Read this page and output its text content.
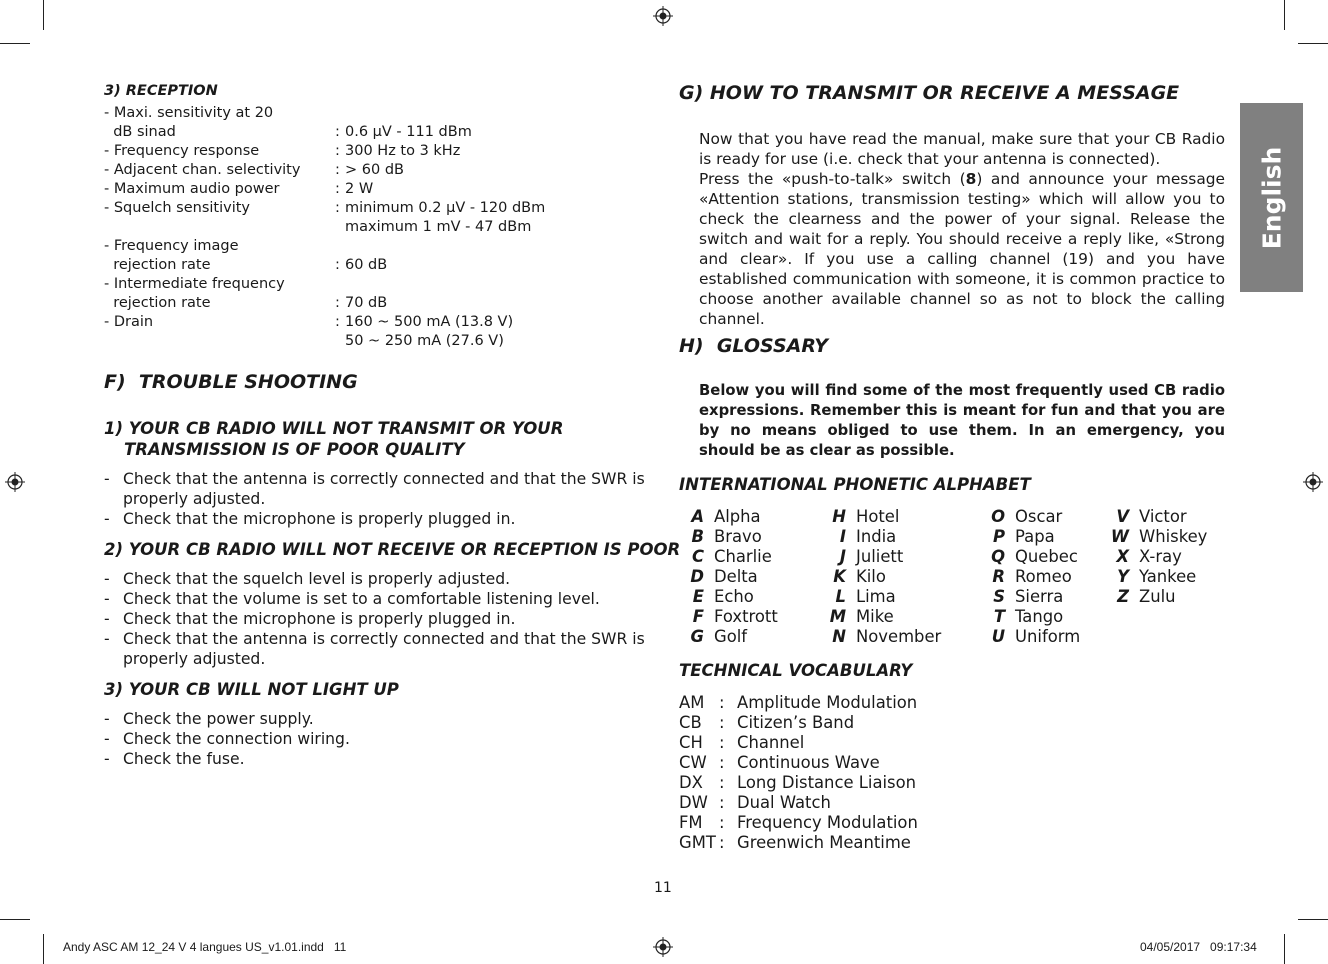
English
3) RECEPTION
- Maxi. sensitivity at 20
dB sinad	: 0.6 µV - 111 dBm
- Frequency response	: 300 Hz to 3 kHz
- Adjacent chan. selectivity : > 60 dB
- Maximum audio power	: 2 W
- Squelch sensitivity	: minimum 0.2 µV - 120 dBm
maximum 1 mV - 47 dBm
- Frequency image
rejection rate	: 60 dB
- Intermediate frequency
rejection rate	: 70 dB
- Drain	: 160 ~ 500 mA (13.8 V)
50 ~ 250 mA (27.6 V)
F)  TROUBLE SHOOTING
1) YOUR CB RADIO WILL NOT TRANSMIT OR YOUR
TRANSMISSION IS OF POOR QUALITY
- Check that the antenna is correctly connected and that the SWR is properly adjusted.
- Check that the microphone is properly plugged in.
2) YOUR CB RADIO WILL NOT RECEIVE OR RECEPTION IS POOR
- Check that the squelch level is properly adjusted.
- Check that the volume is set to a comfortable listening level.
- Check that the microphone is properly plugged in.
- Check that the antenna is correctly connected and that the SWR is properly adjusted.
3) YOUR CB WILL NOT LIGHT UP
- Check the power supply.
- Check the connection wiring.
- Check the fuse.
G) HOW TO TRANSMIT OR RECEIVE A MESSAGE
Now that you have read the manual, make sure that your CB Radio is ready for use (i.e. check that your antenna is connected).
Press the «push-to-talk» switch (8) and announce your message «Attention stations, transmission testing» which will allow you to check the clearness and the power of your signal. Release the switch and wait for a reply. You should receive a reply like, «Strong and clear». If you use a calling channel (19) and you have established communication with someone, it is common practice to choose another available channel so as not to block the calling channel.
H)  GLOSSARY
Below you will find some of the most frequently used CB radio expressions. Remember this is meant for fun and that you are by no means obliged to use them. In an emergency, you should be as clear as possible.
INTERNATIONAL PHONETIC ALPHABET
A Alpha
B Bravo
C Charlie
D Delta
E Echo
F Foxtrott
G Golf
H Hotel
I India
J Juliett
K Kilo
L Lima
M Mike
N November
O Oscar
P Papa
Q Quebec
R Romeo
S Sierra
T Tango
U Uniform
V Victor
W Whiskey
X X-ray
Y Yankee
Z Zulu
TECHNICAL VOCABULARY
AM : Amplitude Modulation
CB : Citizen’s Band
CH : Channel
CW : Continuous Wave
DX : Long Distance Liaison
DW : Dual Watch
FM : Frequency Modulation
GMT : Greenwich Meantime
11
Andy ASC AM 12_24 V 4 langues US_v1.01.indd   11	04/05/2017   09:17:34
